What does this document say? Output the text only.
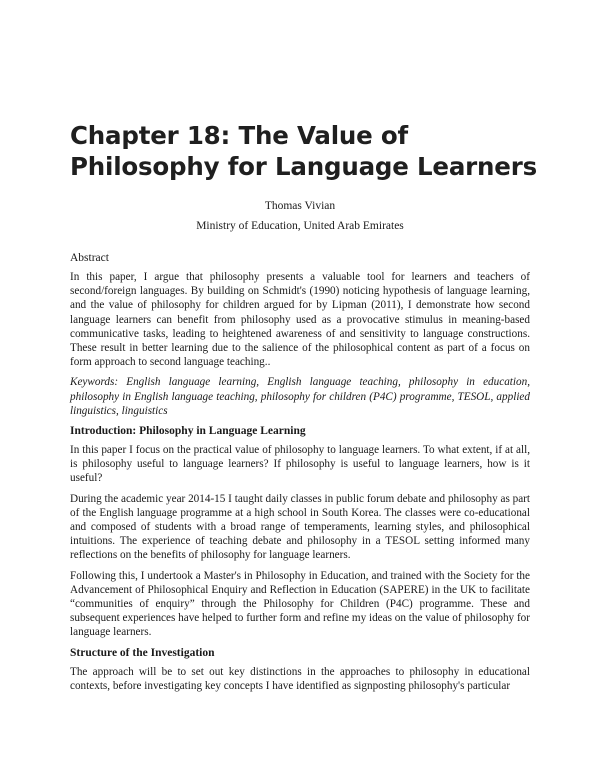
Chapter 18: The Value of Philosophy for Language Learners
Thomas Vivian
Ministry of Education, United Arab Emirates
Abstract

In this paper, I argue that philosophy presents a valuable tool for learners and teachers of second/foreign languages. By building on Schmidt's (1990) noticing hypothesis of language learning, and the value of philosophy for children argued for by Lipman (2011), I demonstrate how second language learners can benefit from philosophy used as a provocative stimulus in meaning-based communicative tasks, leading to heightened awareness of and sensitivity to language constructions. These result in better learning due to the salience of the philosophical content as part of a focus on form approach to second language teaching..

Keywords: English language learning, English language teaching, philosophy in education, philosophy in English language teaching, philosophy for children (P4C) programme, TESOL, applied linguistics, linguistics

Introduction: Philosophy in Language Learning

In this paper I focus on the practical value of philosophy to language learners. To what extent, if at all, is philosophy useful to language learners? If philosophy is useful to language learners, how is it useful?

During the academic year 2014-15 I taught daily classes in public forum debate and philosophy as part of the English language programme at a high school in South Korea. The classes were co-educational and composed of students with a broad range of temperaments, learning styles, and philosophical intuitions. The experience of teaching debate and philosophy in a TESOL setting informed many reflections on the benefits of philosophy for language learners.

Following this, I undertook a Master's in Philosophy in Education, and trained with the Society for the Advancement of Philosophical Enquiry and Reflection in Education (SAPERE) in the UK to facilitate “communities of enquiry” through the Philosophy for Children (P4C) programme. These and subsequent experiences have helped to further form and refine my ideas on the value of philosophy for language learners.

Structure of the Investigation

The approach will be to set out key distinctions in the approaches to philosophy in educational contexts, before investigating key concepts I have identified as signposting philosophy's particular
